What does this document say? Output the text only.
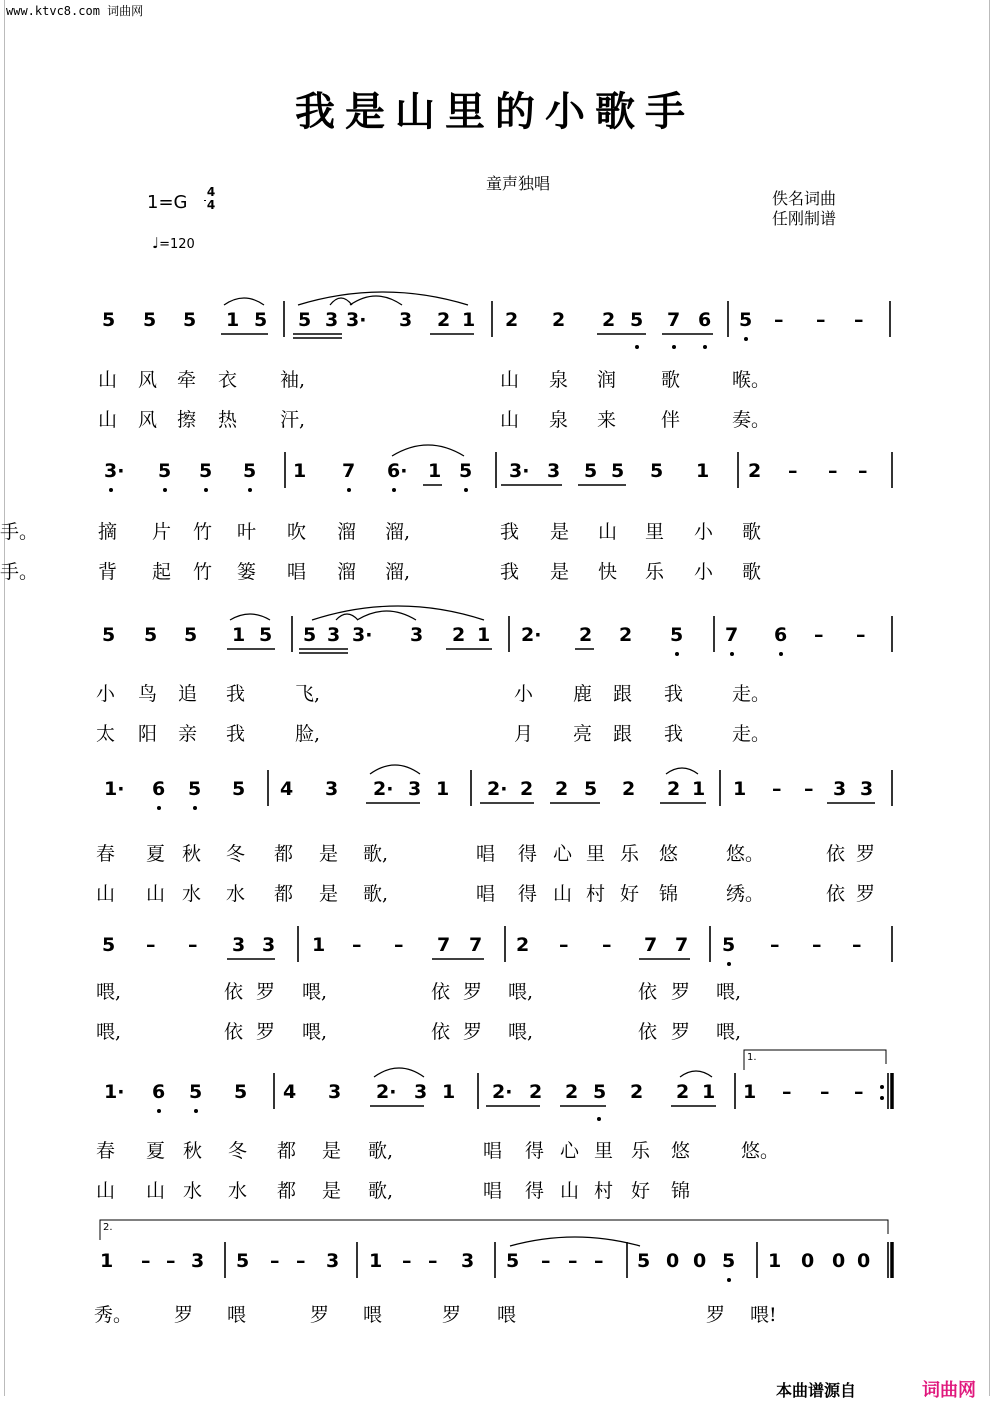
www.ktvc8.com 词曲网
我是山里的小歌手
童声独唱
1=G 4
4
♩=120
佚名词曲
任刚制谱
5 5 5 1 5 5 3 3· 3 2 1 2 2 2 5 7 6 5 – – –
山 风 牵 衣 袖,	山 泉 润 歌	喉。
山 风 擦 热 汗,	山 泉 来 伴	奏。
3· 5 5 5 1 7 6· 1 5 3· 3 5 5 5 1 2 – – –
摘 片 竹 叶 吹 溜 溜,	我 是 山 里 小 歌
手。
背 起 竹 篓 唱 溜 溜,	我 是 快 乐 小 歌
手。
5 5 5 1 5 5 3 3· 3 2 1 2· 2 2 5 7 6 – –
小 鸟 追 我	飞,	小 鹿 跟 我	走。
太 阳 亲 我	脸,	月 亮 跟 我	走。
1· 6 5 5 4 3 2· 3 1 2· 2 2 5 2 2 1 1 – – 3 3
春 夏 秋 冬 都 是 歌,	唱 得 心 里 乐 悠	悠。	依 罗
山 山 水 水 都 是 歌,	唱 得 山 村 好 锦	绣。	依 罗
5 – – 3 3 1 – – 7 7 2 – – 7 7 5 – – –
喂,	依 罗 喂,	依 罗 喂,	依 罗 喂,
喂,	依 罗 喂,	依 罗 喂,	依 罗 喂,
1· 6 5 5 4 3 2· 3 1 2· 2 2 5 2 2 1 1 – – –
春 夏 秋 冬 都 是 歌,	唱 得 心 里 乐 悠	悠。
山 山 水 水 都 是 歌,	唱 得 山 村 好 锦
1.
1 – – 3 5 – – 3 1 – – 3 5 – – – 5 0 0 5 1 0 0 0
秀。 罗 喂	罗 喂	罗 喂	罗 喂!
2.
本曲谱源自	词曲网
